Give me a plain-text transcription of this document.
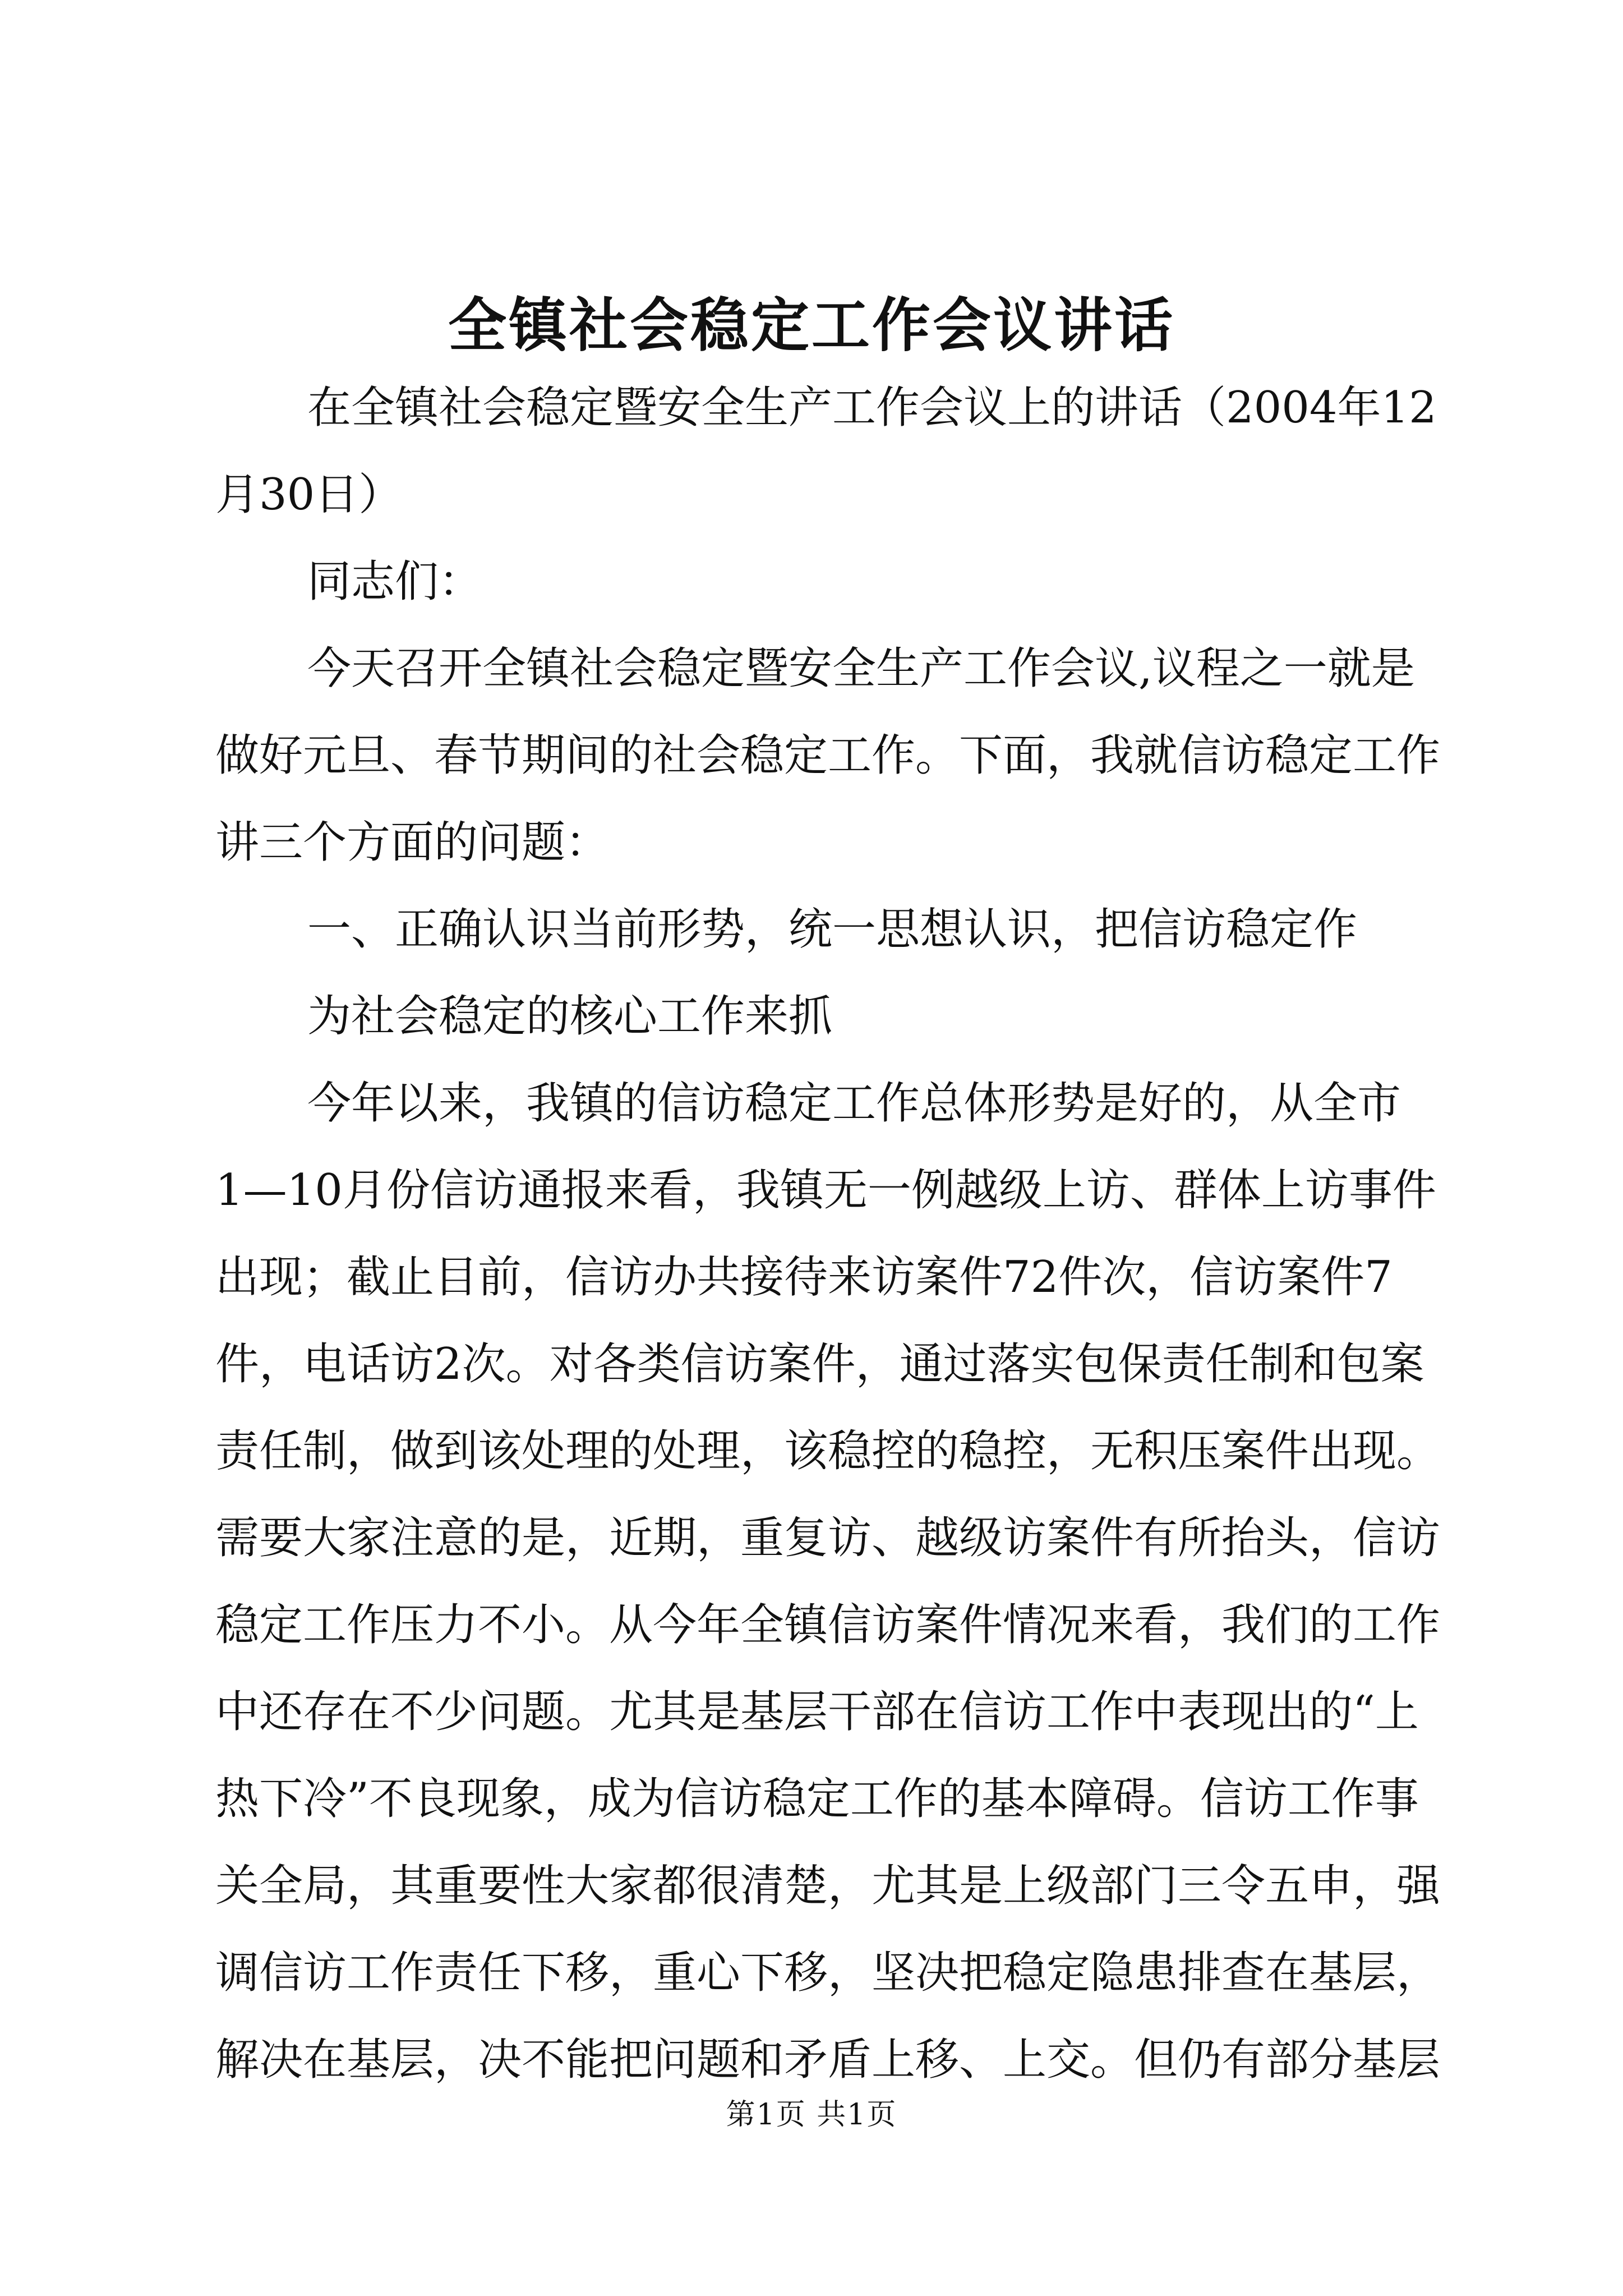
全镇社会稳定工作会议讲话
在全镇社会稳定暨安全生产工作会议上的讲话（2004年12
月30日）
同志们：
今天召开全镇社会稳定暨安全生产工作会议,议程之一就是
做好元旦、春节期间的社会稳定工作。下面，我就信访稳定工作
讲三个方面的问题：
一、正确认识当前形势，统一思想认识，把信访稳定作
为社会稳定的核心工作来抓
今年以来，我镇的信访稳定工作总体形势是好的，从全市
1—10月份信访通报来看，我镇无一例越级上访、群体上访事件
出现；截止目前，信访办共接待来访案件72件次，信访案件7
件，电话访2次。对各类信访案件，通过落实包保责任制和包案
责任制，做到该处理的处理，该稳控的稳控，无积压案件出现。
需要大家注意的是，近期，重复访、越级访案件有所抬头，信访
稳定工作压力不小。从今年全镇信访案件情况来看，我们的工作
中还存在不少问题。尤其是基层干部在信访工作中表现出的“上
热下冷”不良现象，成为信访稳定工作的基本障碍。信访工作事
关全局，其重要性大家都很清楚，尤其是上级部门三令五申，强
调信访工作责任下移，重心下移，坚决把稳定隐患排查在基层，
解决在基层，决不能把问题和矛盾上移、上交。但仍有部分基层
第1页 共1页
